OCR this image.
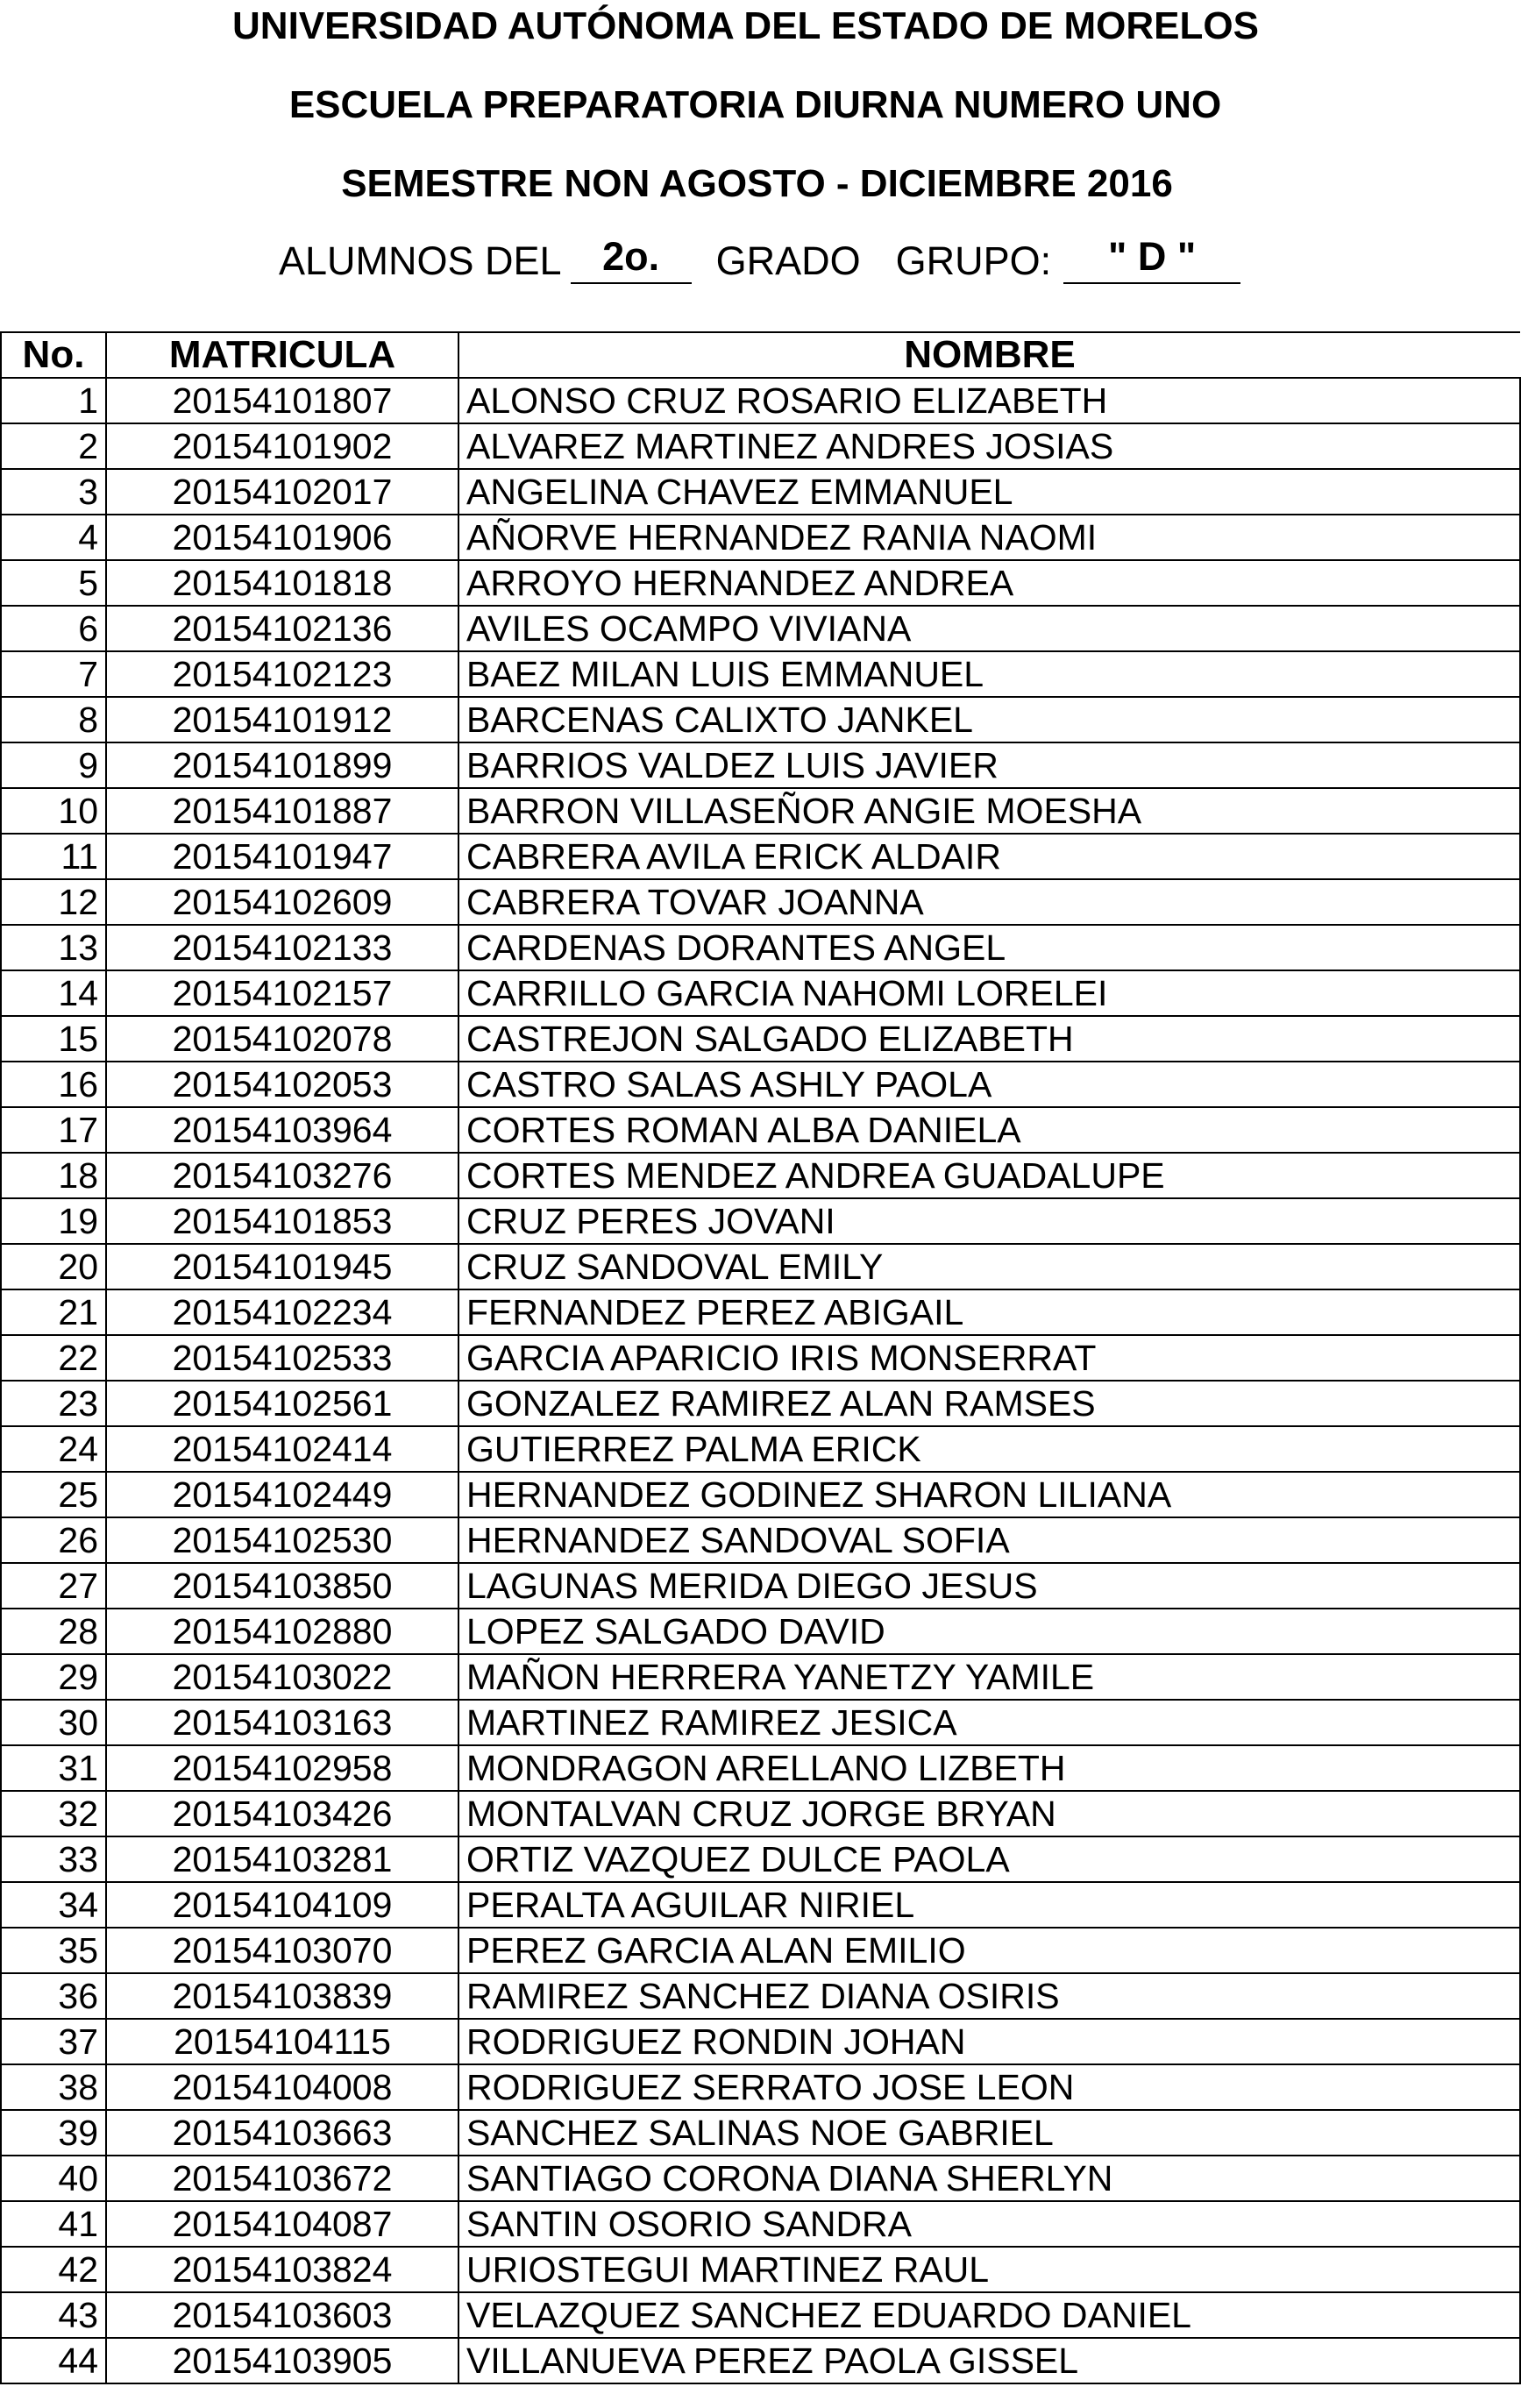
UNIVERSIDAD AUTÓNOMA DEL ESTADO DE MORELOS
ESCUELA PREPARATORIA DIURNA NUMERO UNO
SEMESTRE NON AGOSTO - DICIEMBRE 2016
ALUMNOS DEL 2o. GRADO GRUPO: " D "
No.	MATRICULA	NOMBRE
1	20154101807	ALONSO CRUZ ROSARIO ELIZABETH
2	20154101902	ALVAREZ MARTINEZ ANDRES JOSIAS
3	20154102017	ANGELINA CHAVEZ EMMANUEL
4	20154101906	AÑORVE HERNANDEZ RANIA NAOMI
5	20154101818	ARROYO HERNANDEZ ANDREA
6	20154102136	AVILES OCAMPO VIVIANA
7	20154102123	BAEZ MILAN LUIS EMMANUEL
8	20154101912	BARCENAS CALIXTO JANKEL
9	20154101899	BARRIOS VALDEZ LUIS JAVIER
10	20154101887	BARRON VILLASEÑOR ANGIE MOESHA
11	20154101947	CABRERA AVILA ERICK ALDAIR
12	20154102609	CABRERA TOVAR JOANNA
13	20154102133	CARDENAS DORANTES ANGEL
14	20154102157	CARRILLO GARCIA NAHOMI LORELEI
15	20154102078	CASTREJON SALGADO ELIZABETH
16	20154102053	CASTRO SALAS ASHLY PAOLA
17	20154103964	CORTES ROMAN ALBA DANIELA
18	20154103276	CORTES MENDEZ ANDREA GUADALUPE
19	20154101853	CRUZ PERES JOVANI
20	20154101945	CRUZ SANDOVAL EMILY
21	20154102234	FERNANDEZ PEREZ ABIGAIL
22	20154102533	GARCIA APARICIO IRIS MONSERRAT
23	20154102561	GONZALEZ RAMIREZ ALAN RAMSES
24	20154102414	GUTIERREZ PALMA ERICK
25	20154102449	HERNANDEZ GODINEZ SHARON LILIANA
26	20154102530	HERNANDEZ SANDOVAL SOFIA
27	20154103850	LAGUNAS MERIDA DIEGO JESUS
28	20154102880	LOPEZ SALGADO DAVID
29	20154103022	MAÑON HERRERA YANETZY YAMILE
30	20154103163	MARTINEZ RAMIREZ JESICA
31	20154102958	MONDRAGON ARELLANO LIZBETH
32	20154103426	MONTALVAN CRUZ JORGE BRYAN
33	20154103281	ORTIZ VAZQUEZ DULCE PAOLA
34	20154104109	PERALTA AGUILAR NIRIEL
35	20154103070	PEREZ GARCIA ALAN EMILIO
36	20154103839	RAMIREZ SANCHEZ DIANA OSIRIS
37	20154104115	RODRIGUEZ RONDIN JOHAN
38	20154104008	RODRIGUEZ SERRATO JOSE LEON
39	20154103663	SANCHEZ SALINAS NOE GABRIEL
40	20154103672	SANTIAGO CORONA DIANA SHERLYN
41	20154104087	SANTIN OSORIO SANDRA
42	20154103824	URIOSTEGUI MARTINEZ RAUL
43	20154103603	VELAZQUEZ SANCHEZ EDUARDO DANIEL
44	20154103905	VILLANUEVA PEREZ PAOLA GISSEL
